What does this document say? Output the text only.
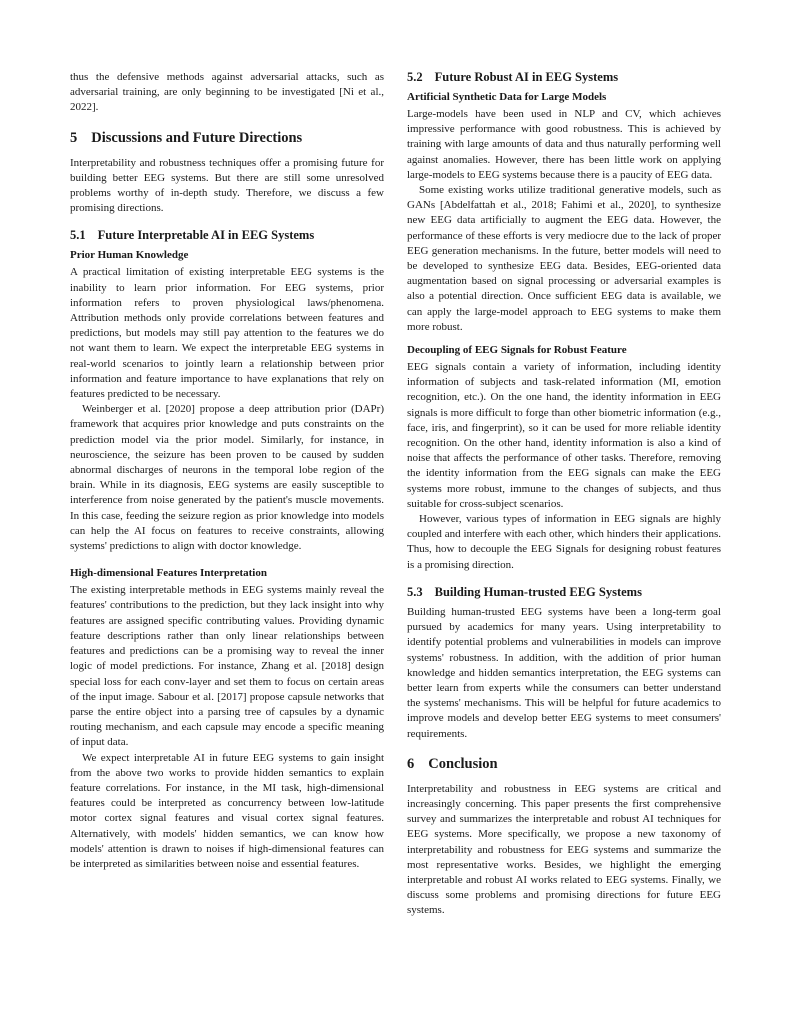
thus the defensive methods against adversarial attacks, such as adversarial training, are only beginning to be investigated [Ni et al., 2022].

5 Discussions and Future Directions

Interpretability and robustness techniques offer a promising future for building better EEG systems. But there are still some unresolved problems worthy of in-depth study. Therefore, we discuss a few promising directions.

5.1 Future Interpretable AI in EEG Systems
Prior Human Knowledge

A practical limitation of existing interpretable EEG systems is the inability to learn prior information. For EEG systems, prior information refers to proven physiological laws/phenomena. Attribution methods only provide correlations between features and predictions, but models may still pay attention to the features we do not want them to learn. We expect the interpretable EEG systems in real-world scenarios to jointly learn a relationship between prior information and feature importance to have explanations that rely on features predicted to be necessary.

Weinberger et al. [2020] propose a deep attribution prior (DAPr) framework that acquires prior knowledge and puts constraints on the prediction model via the prior model. Similarly, for instance, in neuroscience, the seizure has been proven to be caused by sudden abnormal discharges of neurons in the temporal lobe region of the brain. While in its diagnosis, EEG systems are easily susceptible to interference from noise generated by the patient's muscle movements. In this case, feeding the seizure region as prior knowledge into models can help the AI focus on features to receive constraints, allowing systems' predictions to align with doctor knowledge.

High-dimensional Features Interpretation

The existing interpretable methods in EEG systems mainly reveal the features' contributions to the prediction, but they lack insight into why features are assigned specific contributing values. Providing dynamic feature descriptions rather than only linear relationships between features and predictions can be a promising way to reveal the inner logic of model predictions. For instance, Zhang et al. [2018] design special loss for each conv-layer and set them to focus on certain areas of the input image. Sabour et al. [2017] propose capsule networks that parse the entire object into a parsing tree of capsules by a dynamic routing mechanism, and each capsule may encode a specific meaning of input data.

We expect interpretable AI in future EEG systems to gain insight from the above two works to provide hidden semantics to explain feature correlations. For instance, in the MI task, high-dimensional features could be interpreted as concurrency between low-latitude motor cortex signal features and visual cortex signal features. Alternatively, with models' hidden semantics, we can know how models' attention is drawn to noises if high-dimensional features can be interpreted as similarities between noise and essential features.

5.2 Future Robust AI in EEG Systems
Artificial Synthetic Data for Large Models

Large-models have been used in NLP and CV, which achieves impressive performance with good robustness. This is achieved by training with large amounts of data and thus naturally performing well against anomalies. However, there has been little work on applying large-models to EEG systems because there is a paucity of EEG data.

Some existing works utilize traditional generative models, such as GANs [Abdelfattah et al., 2018; Fahimi et al., 2020], to synthesize new EEG data artificially to augment the EEG data. However, the performance of these efforts is very mediocre due to the lack of proper EEG generation mechanisms. In the future, better models will need to be developed to synthesize EEG data. Besides, EEG-oriented data augmentation based on signal processing or adversarial examples is also a potential direction. Once sufficient EEG data is available, we can apply the large-model approach to EEG systems to make them more robust.

Decoupling of EEG Signals for Robust Feature

EEG signals contain a variety of information, including identity information of subjects and task-related information (MI, emotion recognition, etc.). On the one hand, the identity information in EEG signals is more difficult to forge than other biometric information (e.g., face, iris, and fingerprint), so it can be used for more reliable identity recognition. On the other hand, identity information is also a kind of noise that affects the performance of other tasks. Therefore, removing the identity information from the EEG signals can make the EEG systems more robust, immune to the changes of subjects, and thus suitable for cross-subject scenarios.

However, various types of information in EEG signals are highly coupled and interfere with each other, which hinders their applications. Thus, how to decouple the EEG Signals for designing robust features is a promising direction.

5.3 Building Human-trusted EEG Systems

Building human-trusted EEG systems have been a long-term goal pursued by academics for many years. Using interpretability to identify potential problems and vulnerabilities in models can improve systems' robustness. In addition, with the addition of prior human knowledge and hidden semantics interpretation, the EEG systems can better learn from experts while the consumers can better understand the systems' mechanisms. This will be helpful for future academics to improve models and develop better EEG systems to meet consumers' requirements.

6 Conclusion

Interpretability and robustness in EEG systems are critical and increasingly concerning. This paper presents the first comprehensive survey and summarizes the interpretable and robust AI techniques for EEG systems. More specifically, we propose a new taxonomy of interpretability and robustness for EEG systems and summarize the most representative works. Besides, we highlight the emerging interpretable and robust AI works related to EEG systems. Finally, we discuss some problems and promising directions for future EEG systems.
